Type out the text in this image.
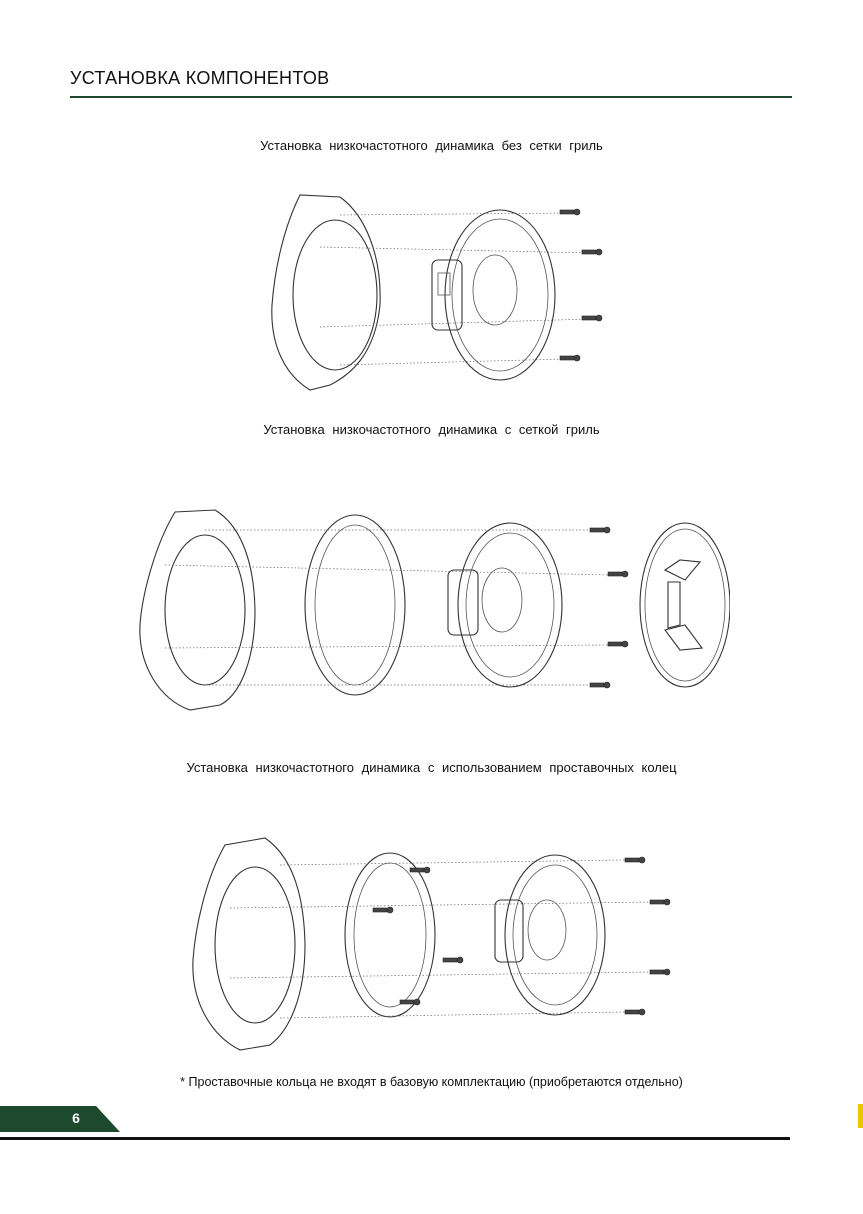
УСТАНОВКА КОМПОНЕНТОВ
Установка низкочастотного динамика без сетки гриль
Установка низкочастотного динамика с сеткой гриль
Установка низкочастотного динамика с использованием проставочных колец
* Проставочные кольца не входят в базовую комплектацию (приобретаются отдельно)
6
